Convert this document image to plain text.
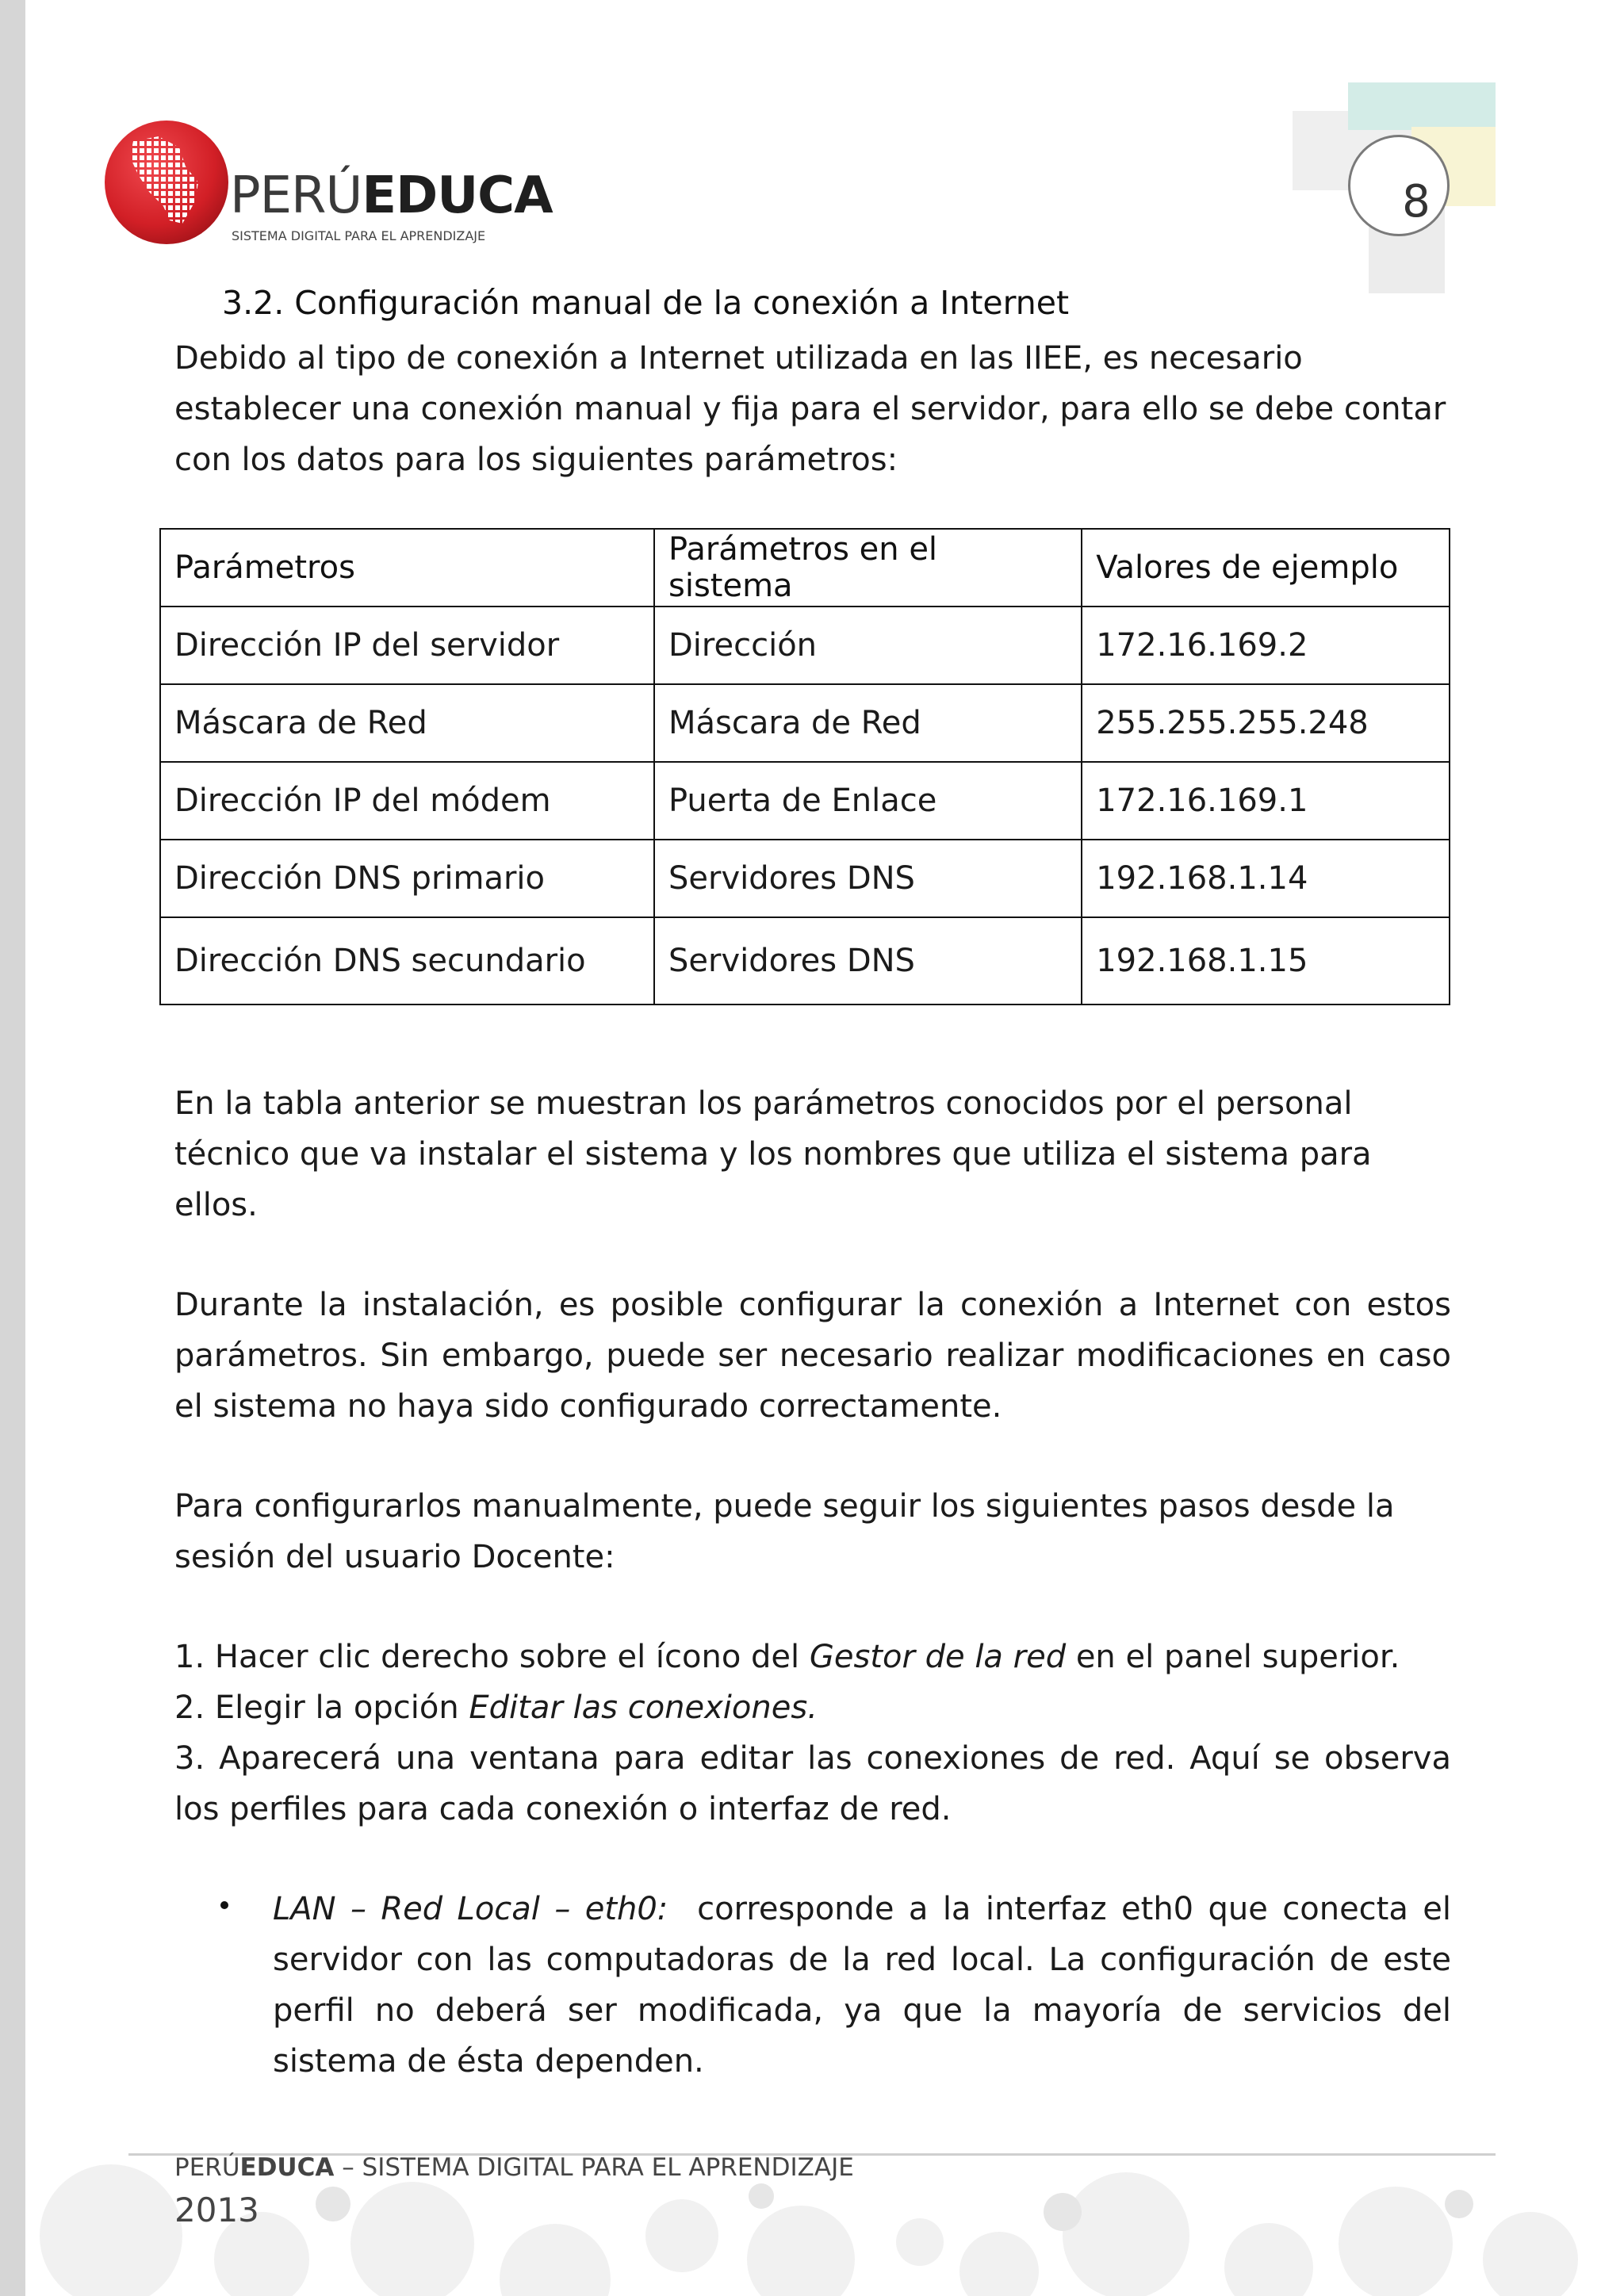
8
PERÚEDUCA
SISTEMA DIGITAL PARA EL APRENDIZAJE
3.2. Configuración manual de la conexión a Internet

Debido al tipo de conexión a Internet utilizada en las IIEE, es necesario establecer una conexión manual y fija para el servidor, para ello se debe contar con los datos para los siguientes parámetros:

Parámetros	Parámetros en el sistema	Valores de ejemplo
Dirección IP del servidor	Dirección	172.16.169.2
Máscara de Red	Máscara de Red	255.255.255.248
Dirección IP del módem	Puerta de Enlace	172.16.169.1
Dirección DNS primario	Servidores DNS	192.168.1.14
Dirección DNS secundario	Servidores DNS	192.168.1.15

En la tabla anterior se muestran los parámetros conocidos por el personal técnico que va instalar el sistema y los nombres que utiliza el sistema para ellos.

Durante la instalación, es posible configurar la conexión a Internet con estos parámetros. Sin embargo, puede ser necesario realizar modificaciones en caso el sistema no haya sido configurado correctamente.

Para configurarlos manualmente, puede seguir los siguientes pasos desde la sesión del usuario Docente:

1. Hacer clic derecho sobre el ícono del Gestor de la red en el panel superior.

2. Elegir la opción Editar las conexiones.

3. Aparecerá una ventana para editar las conexiones de red. Aquí se observa los perfiles para cada conexión o interfaz de red.

LAN – Red Local – eth0: corresponde a la interfaz eth0 que conecta el servidor con las computadoras de la red local. La configuración de este perfil no deberá ser modificada, ya que la mayoría de servicios del sistema de ésta dependen.

PERÚEDUCA – SISTEMA DIGITAL PARA EL APRENDIZAJE
2013
